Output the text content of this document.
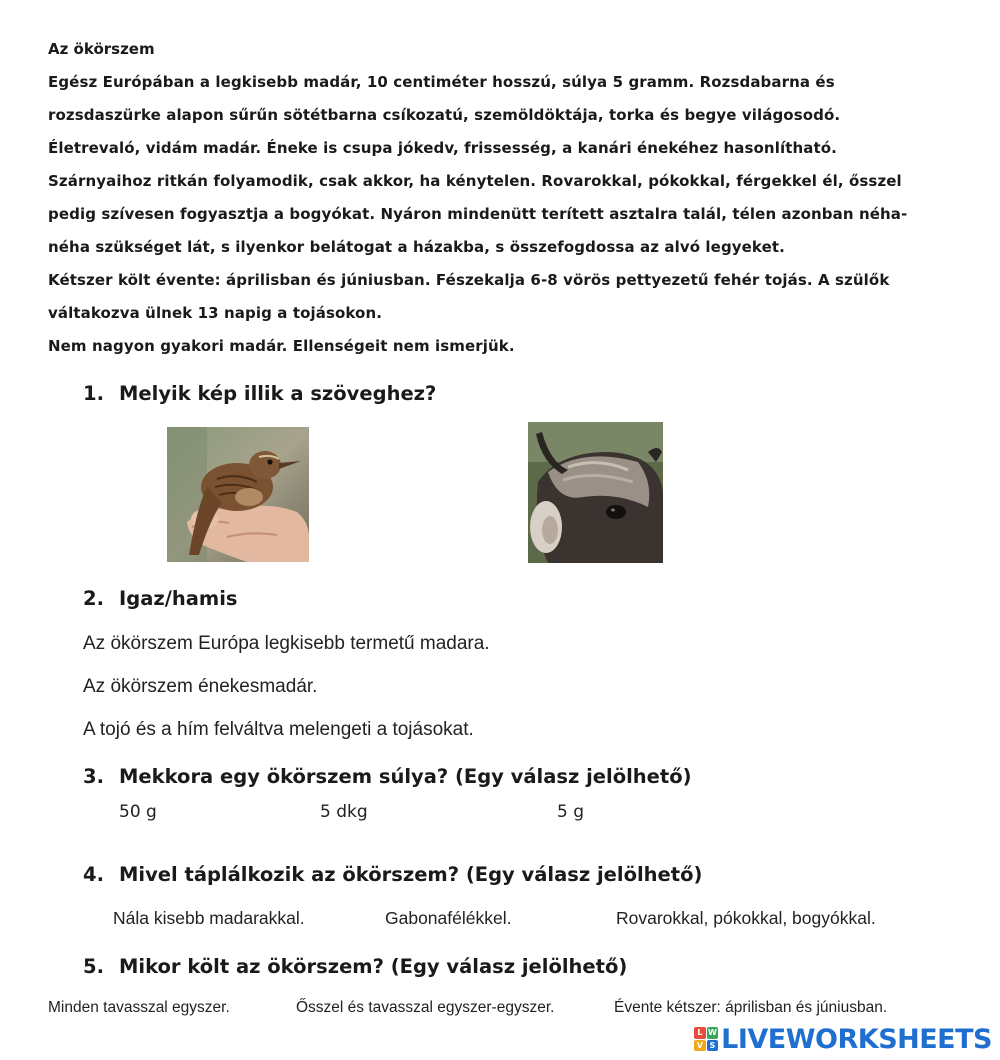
Az ökörszem
Egész Európában a legkisebb madár, 10 centiméter hosszú, súlya 5 gramm. Rozsdabarna és
rozsdaszürke alapon sűrűn sötétbarna csíkozatú, szemöldöktája, torka és begye világosodó.
Életrevaló, vidám madár. Éneke is csupa jókedv, frissesség, a kanári énekéhez hasonlítható.
Szárnyaihoz ritkán folyamodik, csak akkor, ha kénytelen. Rovarokkal, pókokkal, férgekkel él, ősszel
pedig szívesen fogyasztja a bogyókat. Nyáron mindenütt terített asztalra talál, télen azonban néha-
néha szükséget lát, s ilyenkor belátogat a házakba, s összefogdossa az alvó legyeket.
Kétszer költ évente: áprilisban és júniusban. Fészekalja 6-8 vörös pettyezetű fehér tojás. A szülők
váltakozva ülnek 13 napig a tojásokon.
Nem nagyon gyakori madár. Ellenségeit nem ismerjük.
1. Melyik kép illik a szöveghez?
2. Igaz/hamis
Az ökörszem Európa legkisebb termetű madara.
Az ökörszem énekesmadár.
A tojó és a hím felváltva melengeti a tojásokat.
3. Mekkora egy ökörszem súlya? (Egy válasz jelölhető)
50 g	5 dkg	5 g
4. Mivel táplálkozik az ökörszem? (Egy válasz jelölhető)
Nála kisebb madarakkal.	Gabonafélékkel.	Rovarokkal, pókokkal, bogyókkal.
5. Mikor költ az ökörszem? (Egy válasz jelölhető)
Minden tavasszal egyszer.	Ősszel és tavasszal egyszer-egyszer.	Évente kétszer: áprilisban és júniusban.
L W
V S LIVEWORKSHEETS
